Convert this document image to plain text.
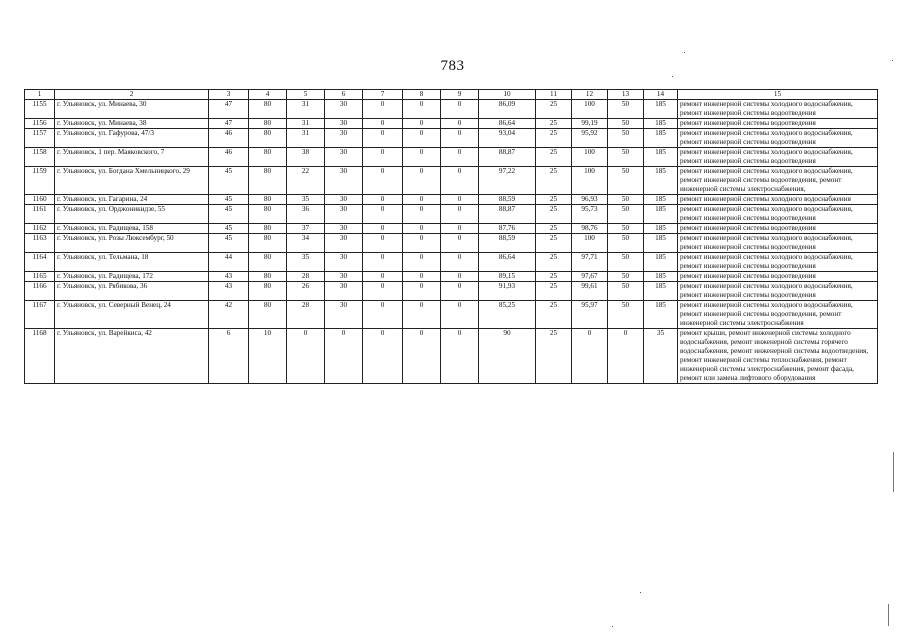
783
1	2	3	4	5	6	7	8	9	10	11	12	13	14	15
1155	г. Ульяновск, ул. Минаева, 30	47	80	31	30	0	0	0	86,09	25	100	50	185	ремонт инженерной системы холодного водоснабжения, ремонт инженерной системы водоотведения
1156	г. Ульяновск, ул. Минаева, 38	47	80	31	30	0	0	0	86,64	25	99,19	50	185	ремонт инженерной системы водоотведения
1157	г. Ульяновск, ул. Гафурова, 47/3	46	80	31	30	0	0	0	93,04	25	95,92	50	185	ремонт инженерной системы холодного водоснабжения, ремонт инженерной системы водоотведения
1158	г. Ульяновск, 1 пер. Маяковского, 7	46	80	38	30	0	0	0	88,87	25	100	50	185	ремонт инженерной системы холодного водоснабжения, ремонт инженерной системы водоотведения
1159	г. Ульяновск, ул. Богдана Хмельницкого, 29	45	80	22	30	0	0	0	97,22	25	100	50	185	ремонт инженерной системы холодного водоснабжения, ремонт инженерной системы водоотведения, ремонт инженерной системы электроснабжения,
1160	г. Ульяновск, ул. Гагарина, 24	45	80	35	30	0	0	0	88,59	25	96,93	50	185	ремонт инженерной системы холодного водоснабжения
1161	г. Ульяновск, ул. Орджоникидзе, 55	45	80	36	30	0	0	0	88,87	25	95,73	50	185	ремонт инженерной системы холодного водоснабжения, ремонт инженерной системы водоотведения
1162	г. Ульяновск, ул. Радищева, 158	45	80	37	30	0	0	0	87,76	25	98,76	50	185	ремонт инженерной системы водоотведения
1163	г. Ульяновск, ул. Розы Люксембург, 50	45	80	34	30	0	0	0	88,59	25	100	50	185	ремонт инженерной системы холодного водоснабжения, ремонт инженерной системы водоотведения
1164	г. Ульяновск, ул. Тельмана, 18	44	80	35	30	0	0	0	86,64	25	97,71	50	185	ремонт инженерной системы холодного водоснабжения, ремонт инженерной системы водоотведения
1165	г. Ульяновск, ул. Радищева, 172	43	80	28	30	0	0	0	89,15	25	97,67	50	185	ремонт инженерной системы водоотведения
1166	г. Ульяновск, ул. Рябикова, 36	43	80	26	30	0	0	0	91,93	25	99,61	50	185	ремонт инженерной системы холодного водоснабжения, ремонт инженерной системы водоотведения
1167	г. Ульяновск, ул. Северный Венец, 24	42	80	28	30	0	0	0	85,25	25	95,97	50	185	ремонт инженерной системы холодного водоснабжения, ремонт инженерной системы водоотведения, ремонт инженерной системы электроснабжения
1168	г. Ульяновск, ул. Варейкиса, 42	6	10	0	0	0	0	0	90	25	0	0	35	ремонт крыши, ремонт инженерной системы холодного водоснабжения, ремонт инженерной системы горячего водоснабжения, ремонт инженерной системы водоотведения, ремонт инженерной системы теплоснабжения, ремонт инженерной системы электроснабжения, ремонт фасада, ремонт или замена лифтового оборудования
